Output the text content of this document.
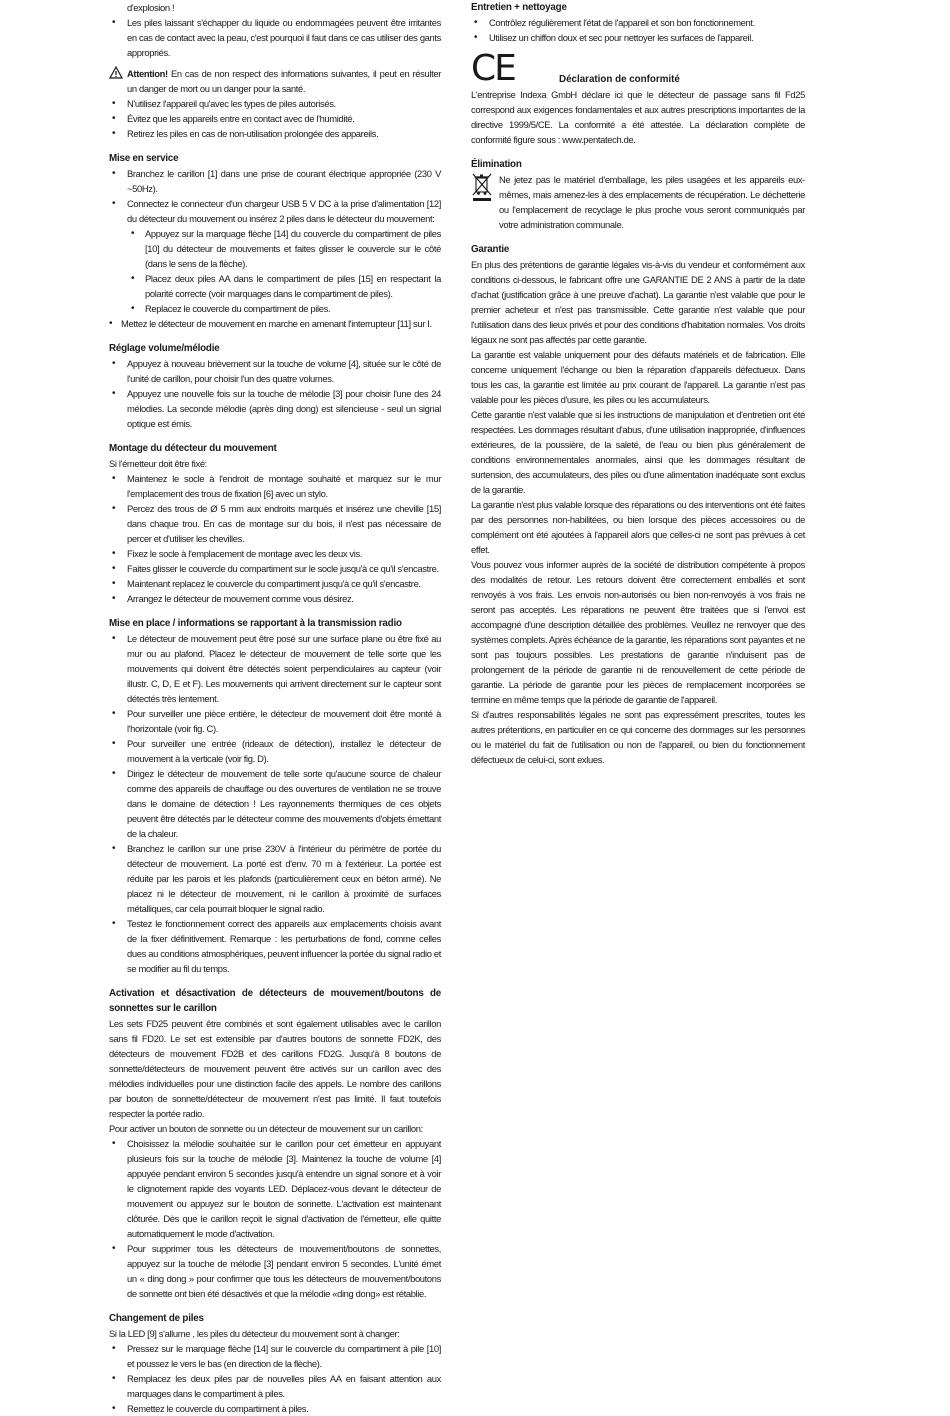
d'explosion !
• Les piles laissant s'échapper du liquide ou endommagées peuvent être irritantes en cas de contact avec la peau, c'est pourquoi il faut dans ce cas utiliser des gants appropriés.

Attention! En cas de non respect des informations suivantes, il peut en résulter un danger de mort ou un danger pour la santé.

• N'utilisez l'appareil qu'avec les types de piles autorisés.
• Évitez que les appareils entre en contact avec de l'humidité.
• Retirez les piles en cas de non-utilisation prolongée des appareils.
Mise en service
• Branchez le carillon [1] dans une prise de courant électrique appropriée (230 V ~50Hz).
• Connectez le connecteur d'un chargeur USB 5 V DC à la prise d'alimentation [12] du détecteur du mouvement ou insérez 2 piles dans le détecteur du mouvement:
• Appuyez sur la marquage flèche [14] du couvercle du compartiment de piles [10] du détecteur de mouvements et faites glisser le couvercle sur le côté (dans le sens de la flèche).
• Placez deux piles AA dans le compartiment de piles [15] en respectant la polarité correcte (voir marquages dans le compartiment de piles).
• Replacez le couvercle du compartiment de piles.
• Mettez le détecteur de mouvement en marche en amenant l'interrupteur [11] sur I.
Réglage volume/mélodie
• Appuyez à nouveau brièvement sur la touche de volume [4], située sur le côté de l'unité de carillon, pour choisir l'un des quatre volumes.
• Appuyez une nouvelle fois sur la touche de mélodie [3] pour choisir l'une des 24 mélodies. La seconde mélodie (après ding dong) est silencieuse - seul un signal optique est émis.
Montage du détecteur du mouvement

Si l'émetteur doit être fixé:

• Maintenez le socle à l'endroit de montage souhaité et marquez sur le mur l'emplacement des trous de fixation [6] avec un stylo.
• Percez des trous de Ø 5 mm aux endroits marqués et insérez une cheville [15] dans chaque trou. En cas de montage sur du bois, il n'est pas nécessaire de percer et d'utiliser les chevilles.
• Fixez le socle à l'emplacement de montage avec les deux vis.
• Faites glisser le couvercle du compartiment sur le socle jusqu'à ce qu'il s'encastre.
• Maintenant replacez le couvercle du compartiment jusqu'à ce qu'il s'encastre.
• Arrangez le détecteur de mouvement comme vous désirez.
Mise en place / informations se rapportant à la transmission radio
• Le détecteur de mouvement peut être posé sur une surface plane ou être fixé au mur ou au plafond. Placez le détecteur de mouvement de telle sorte que les mouvements qui doivent être détectés soient perpendiculaires au capteur (voir illustr. C, D, E et F). Les mouvements qui arrivent directement sur le capteur sont détectés très lentement.
• Pour surveiller une pièce entière, le détecteur de mouvement doit être monté à l'horizontale (voir fig. C).
• Pour surveiller une entrée (rideaux de détection), installez le détecteur de mouvement à la verticale (voir fig. D).
• Dirigez le détecteur de mouvement de telle sorte qu'aucune source de chaleur comme des appareils de chauffage ou des ouvertures de ventilation ne se trouve dans le domaine de détection ! Les rayonnements thermiques de ces objets peuvent être détectés par le détecteur comme des mouvements d'objets émettant de la chaleur.
• Branchez le carillon sur une prise 230V à l'intérieur du périmètre de portée du détecteur de mouvement. La porté est d'env. 70 m à l'extérieur. La portée est réduite par les parois et les plafonds (particulièrement ceux en béton armé). Ne placez ni le détecteur de mouvement, ni le carillon à proximité de surfaces métalliques, car cela pourrait bloquer le signal radio.
• Testez le fonctionnement correct des appareils aux emplacements choisis avant de la fixer définitivement. Remarque : les perturbations de fond, comme celles dues au conditions atmosphériques, peuvent influencer la portée du signal radio et se modifier au fil du temps.
Activation et désactivation de détecteurs de mouvement/boutons de sonnettes sur le carillon

Les sets FD25 peuvent être combinés et sont également utilisables avec le carillon sans fil FD20. Le set est extensible par d'autres boutons de sonnette FD2K, des détecteurs de mouvement FD2B et des carillons FD2G. Jusqu'à 8 boutons de sonnette/détecteurs de mouvement peuvent être activés sur un carillon avec des mélodies individuelles pour une distinction facile des appels. Le nombre des carillons par bouton de sonnette/détecteur de mouvement n'est pas limité. Il faut toutefois respecter la portée radio.

Pour activer un bouton de sonnette ou un détecteur de mouvement sur un carillon:

• Choisissez la mélodie souhaitée sur le carillon pour cet émetteur en appuyant plusieurs fois sur la touche de mélodie [3]. Maintenez la touche de volume [4] appuyée pendant environ 5 secondes jusqu'à entendre un signal sonore et à voir le clignotement rapide des voyants LED. Déplacez-vous devant le détecteur de mouvement ou appuyez sur le bouton de sonnette. L'activation est maintenant clôturée. Dès que le carillon reçoit le signal d'activation de l'émetteur, elle quitte automatiquement le mode d'activation.
• Pour supprimer tous les détecteurs de mouvement/boutons de sonnettes, appuyez sur la touche de mélodie [3] pendant environ 5 secondes. L'unité émet un « ding dong » pour confirmer que tous les détecteurs de mouvement/boutons de sonnette ont bien été désactivés et que la mélodie «ding dong» est rétablie.
Changement de piles

Si la LED [9] s'allume , les piles du détecteur du mouvement sont à changer:

• Pressez sur le marquage flèche [14] sur le couvercle du compartiment à pile [10] et poussez le vers le bas (en direction de la flèche).
• Remplacez les deux piles par de nouvelles piles AA en faisant attention aux marquages dans le compartiment à piles.
• Remettez le couvercle du compartiment à piles.
Entretien + nettoyage
• Contrôlez régulièrement l'état de l'appareil et son bon fonctionnement.
• Utilisez un chiffon doux et sec pour nettoyer les surfaces de l'appareil.
CE	Déclaration de conformité

L'entreprise Indexa GmbH déclare ici que le détecteur de passage sans fil Fd25 correspond aux exigences fondamentales et aux autres prescriptions importantes de la directive 1999/5/CE. La conformité a été attestée. La déclaration complète de conformité figure sous : www.pentatech.de.

Élimination

Ne jetez pas le matériel d'emballage, les piles usagées et les appareils eux-mêmes, mais amenez-les à des emplacements de récupération. Le déchetterie ou l'emplacement de recyclage le plus proche vous seront communiqués par votre administration communale.

Garantie

En plus des prétentions de garantie légales vis-à-vis du vendeur et conformément aux conditions ci-dessous, le fabricant offre une GARANTIE DE 2 ANS à partir de la date d'achat (justification grâce à une preuve d'achat). La garantie n'est valable que pour le premier acheteur et n'est pas transmissible. Cette garantie n'est valable que pour l'utilisation dans des lieux privés et pour des conditions d'habitation normales. Vos droits légaux ne sont pas affectés par cette garantie.

La garantie est valable uniquement pour des défauts matériels et de fabrication. Elle concerne uniquement l'échange ou bien la réparation d'appareils défectueux. Dans tous les cas, la garantie est limitée au prix courant de l'appareil. La garantie n'est pas valable pour les pièces d'usure, les piles ou les accumulateurs.

Cette garantie n'est valable que si les instructions de manipulation et d'entretien ont été respectées. Les dommages résultant d'abus, d'une utilisation inappropriée, d'influences extérieures, de la poussière, de la saleté, de l'eau ou bien plus généralement de conditions environnementales anormales, ainsi que les dommages résultant de surtension, des accumulateurs, des piles ou d'une alimentation inadéquate sont exclus de la garantie.

La garantie n'est plus valable lorsque des réparations ou des interventions ont été faites par des personnes non-habilitées, ou bien lorsque des pièces accessoires ou de complément ont été ajoutées à l'appareil alors que celles-ci ne sont pas prévues à cet effet.

Vous pouvez vous informer auprès de la société de distribution compétente à propos des modalités de retour. Les retours doivent être correctement emballés et sont renvoyés à vos frais. Les envois non-autorisés ou bien non-renvoyés à vos frais ne seront pas acceptés. Les réparations ne peuvent être traitées que si l'envoi est accompagné d'une description détaillée des problèmes. Veuillez ne renvoyer que des systèmes complets. Après échéance de la garantie, les réparations sont payantes et ne sont pas toujours possibles. Les prestations de garantie n'induisent pas de prolongement de la période de garantie ni de renouvellement de cette période de garantie. La période de garantie pour les pièces de remplacement incorporées se termine en même temps que la période de garantie de l'appareil.

Si d'autres responsabilités légales ne sont pas expressément prescrites, toutes les autres prétentions, en particulier en ce qui concerne des dommages sur les personnes ou le matériel du fait de l'utilisation ou non de l'appareil, ou bien du fonctionnement défectueux de celui-ci, sont exlues.
